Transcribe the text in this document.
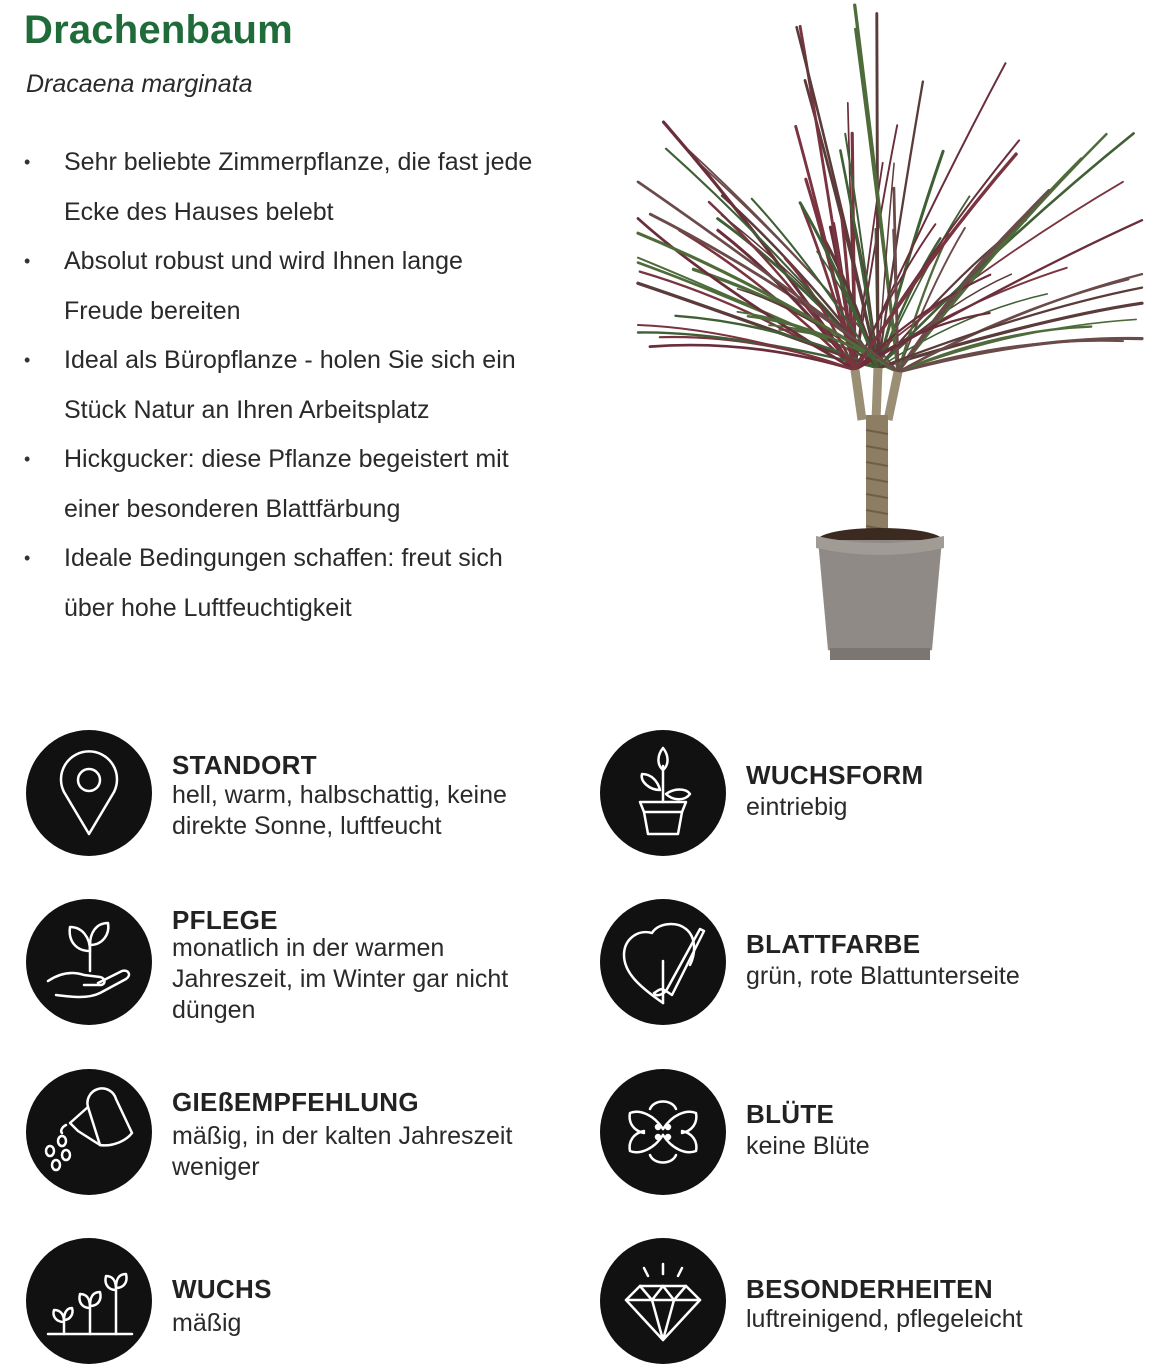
Drachenbaum
Dracaena marginata
• Sehr beliebte Zimmerpflanze, die fast jede
Ecke des Hauses belebt
• Absolut robust und wird Ihnen lange
Freude bereiten
• Ideal als Büropflanze - holen Sie sich ein
Stück Natur an Ihren Arbeitsplatz
• Hickgucker: diese Pflanze begeistert mit
einer besonderen Blattfärbung
• Ideale Bedingungen schaffen: freut sich
über hohe Luftfeuchtigkeit
STANDORT
hell, warm, halbschattig, keine direkte Sonne, luftfeucht
PFLEGE
monatlich in der warmen Jahreszeit, im Winter gar nicht düngen
GIEßEMPFEHLUNG
mäßig, in der kalten Jahreszeit weniger
WUCHS
mäßig
WUCHSFORM
eintriebig
BLATTFARBE
grün, rote Blattunterseite
BLÜTE
keine Blüte
BESONDERHEITEN
luftreinigend, pflegeleicht
